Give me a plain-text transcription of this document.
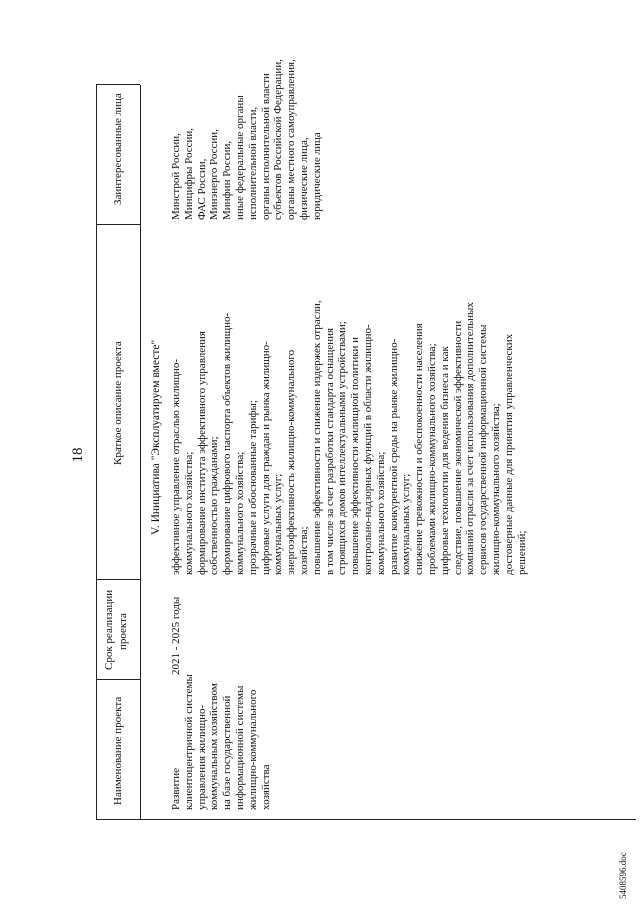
5408596.doc
18
Наименование проекта
Срок реализации проекта
Краткое описание проекта
Заинтересованные лица
V. Инициатива "Эксплуатируем вместе"
Развитие клиентоцентричной системы управления жилищно- коммунальным хозяйством на базе государственной информационной системы жилищно-коммунального хозяйства
2021 - 2025 годы
эффективное управление отраслью жилищно- коммунального хозяйства; формирование института эффективного управления собственностью гражданами; формирование цифрового паспорта объектов жилищно- коммунального хозяйства; прозрачные и обоснованные тарифы; цифровые услуги для граждан и рынка жилищно- коммунальных услуг; энергоэффективность жилищно-коммунального хозяйства; повышение эффективности и снижение издержек отрасли, в том числе за счет разработки стандарта оснащения строящихся домов интеллектуальными устройствами; повышение эффективности жилищной политики и контрольно-надзорных функций в области жилищно- коммунального хозяйства; развитие конкурентной среды на рынке жилищно- коммунальных услуг; снижение тревожности и обеспокоенности населения проблемами жилищно-коммунального хозяйства; цифровые технологии для ведения бизнеса и как следствие, повышение экономической эффективности компаний отрасли за счет использования дополнительных сервисов государственной информационной системы жилищно-коммунального хозяйства; достоверные данные для принятия управленческих решений;
Минстрой России, Минцифры России, ФАС России, Минэнерго России, Минфин России, иные федеральные органы исполнительной власти, органы исполнительной власти субъектов Российской Федерации, органы местного самоуправления, физические лица, юридические лица
